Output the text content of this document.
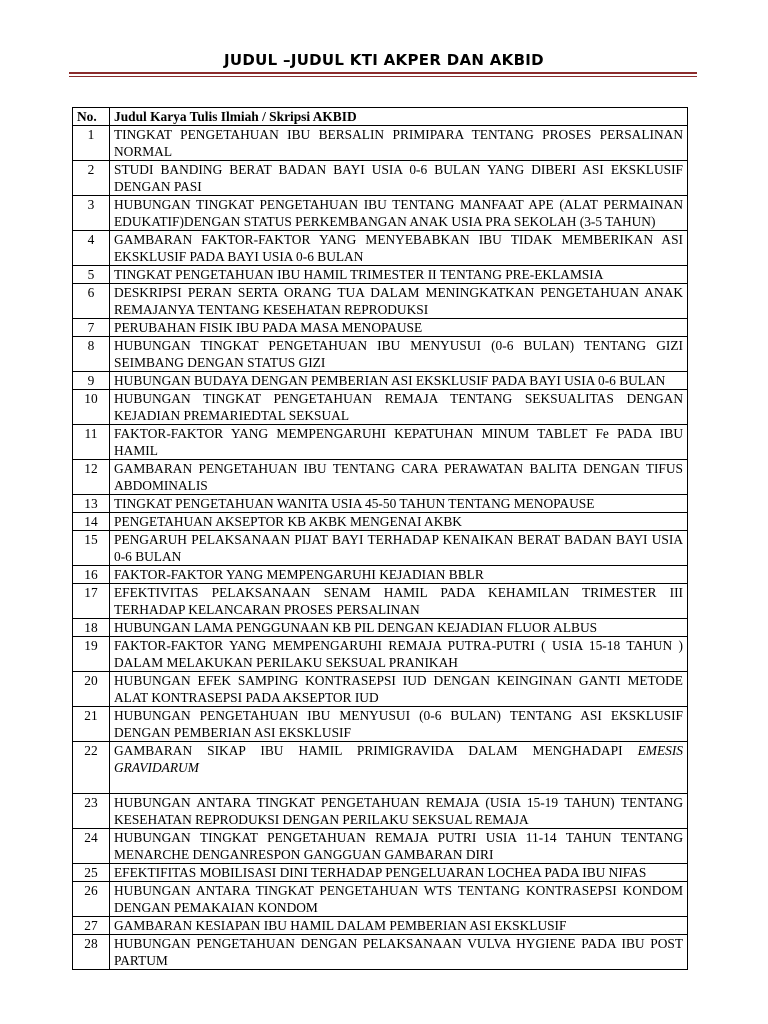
JUDUL –JUDUL KTI AKPER DAN AKBID
No.	Judul Karya Tulis Ilmiah / Skripsi AKBID
1	TINGKAT PENGETAHUAN IBU BERSALIN PRIMIPARA TENTANG PROSES PERSALINAN NORMAL
2	STUDI BANDING BERAT BADAN BAYI USIA 0-6 BULAN YANG DIBERI ASI EKSKLUSIF DENGAN PASI
3	HUBUNGAN TINGKAT PENGETAHUAN IBU TENTANG MANFAAT APE (ALAT PERMAINAN EDUKATIF)DENGAN STATUS PERKEMBANGAN ANAK USIA PRA SEKOLAH (3-5 TAHUN)
4	GAMBARAN FAKTOR-FAKTOR YANG MENYEBABKAN IBU TIDAK MEMBERIKAN ASI EKSKLUSIF PADA BAYI USIA 0-6 BULAN
5	TINGKAT PENGETAHUAN IBU HAMIL TRIMESTER II TENTANG PRE-EKLAMSIA
6	DESKRIPSI PERAN SERTA ORANG TUA DALAM MENINGKATKAN PENGETAHUAN ANAK REMAJANYA TENTANG KESEHATAN REPRODUKSI
7	PERUBAHAN FISIK IBU PADA MASA MENOPAUSE
8	HUBUNGAN TINGKAT PENGETAHUAN IBU MENYUSUI (0-6 BULAN) TENTANG GIZI SEIMBANG DENGAN STATUS GIZI
9	HUBUNGAN BUDAYA DENGAN PEMBERIAN ASI EKSKLUSIF PADA BAYI USIA 0-6 BULAN
10	HUBUNGAN TINGKAT PENGETAHUAN REMAJA TENTANG SEKSUALITAS DENGAN KEJADIAN PREMARIEDTAL SEKSUAL
11	FAKTOR-FAKTOR YANG MEMPENGARUHI KEPATUHAN MINUM TABLET Fe PADA IBU HAMIL
12	GAMBARAN PENGETAHUAN IBU TENTANG CARA PERAWATAN BALITA DENGAN TIFUS ABDOMINALIS
13	TINGKAT PENGETAHUAN WANITA USIA 45-50 TAHUN TENTANG MENOPAUSE
14	PENGETAHUAN AKSEPTOR KB AKBK MENGENAI AKBK
15	PENGARUH PELAKSANAAN PIJAT BAYI TERHADAP KENAIKAN BERAT BADAN BAYI USIA 0-6 BULAN
16	FAKTOR-FAKTOR YANG MEMPENGARUHI KEJADIAN BBLR
17	EFEKTIVITAS PELAKSANAAN SENAM HAMIL PADA KEHAMILAN TRIMESTER III TERHADAP KELANCARAN PROSES PERSALINAN
18	HUBUNGAN LAMA PENGGUNAAN KB PIL DENGAN KEJADIAN FLUOR ALBUS
19	FAKTOR-FAKTOR YANG MEMPENGARUHI REMAJA PUTRA-PUTRI ( USIA 15-18 TAHUN ) DALAM MELAKUKAN PERILAKU SEKSUAL PRANIKAH
20	HUBUNGAN EFEK SAMPING KONTRASEPSI IUD DENGAN KEINGINAN GANTI METODE ALAT KONTRASEPSI PADA AKSEPTOR IUD
21	HUBUNGAN PENGETAHUAN IBU MENYUSUI (0-6 BULAN) TENTANG ASI EKSKLUSIF DENGAN PEMBERIAN ASI EKSKLUSIF
22	GAMBARAN SIKAP IBU HAMIL PRIMIGRAVIDA DALAM MENGHADAPI EMESIS GRAVIDARUM
23	HUBUNGAN ANTARA TINGKAT PENGETAHUAN REMAJA (USIA 15-19 TAHUN) TENTANG KESEHATAN REPRODUKSI DENGAN PERILAKU SEKSUAL REMAJA
24	HUBUNGAN TINGKAT PENGETAHUAN REMAJA PUTRI USIA 11-14 TAHUN TENTANG MENARCHE DENGANRESPON GANGGUAN GAMBARAN DIRI
25	EFEKTIFITAS MOBILISASI DINI TERHADAP PENGELUARAN LOCHEA PADA IBU NIFAS
26	HUBUNGAN ANTARA TINGKAT PENGETAHUAN WTS TENTANG KONTRASEPSI KONDOM DENGAN PEMAKAIAN KONDOM
27	GAMBARAN KESIAPAN IBU HAMIL DALAM PEMBERIAN ASI EKSKLUSIF
28	HUBUNGAN PENGETAHUAN DENGAN PELAKSANAAN VULVA HYGIENE PADA IBU POST PARTUM
